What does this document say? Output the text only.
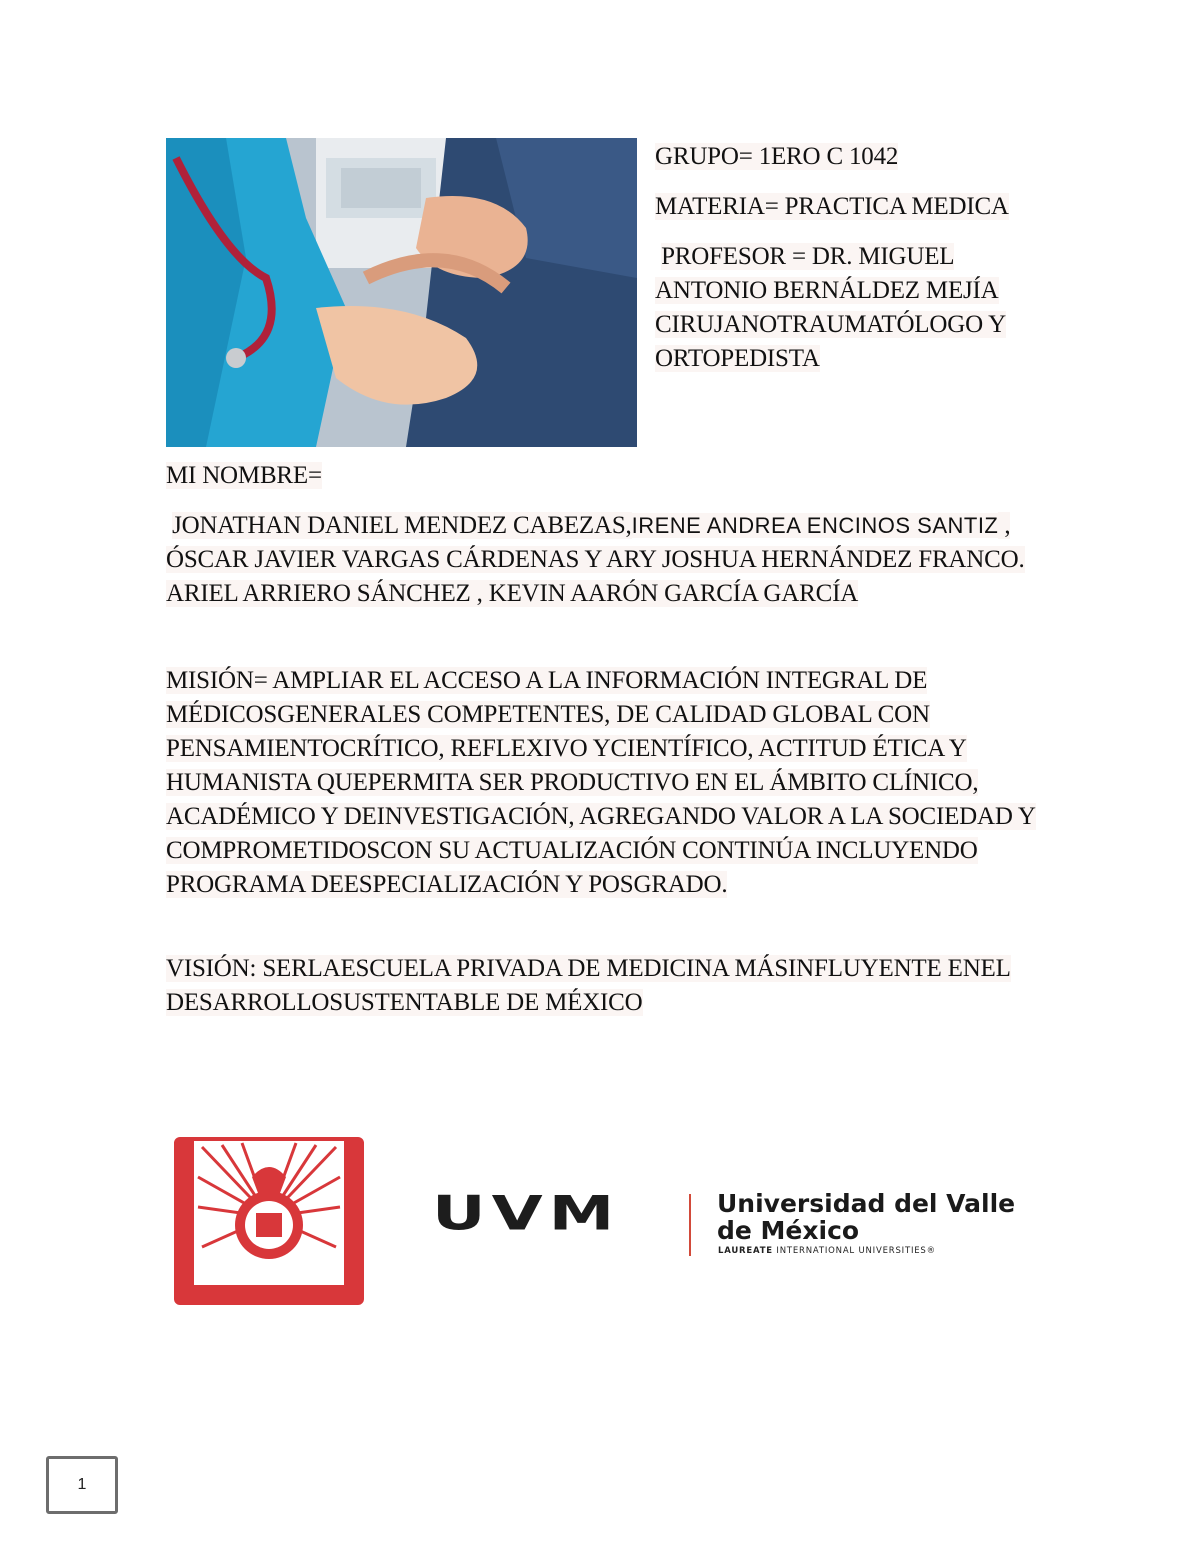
GRUPO= 1ERO C 1042

MATERIA= PRACTICA MEDICA

PROFESOR = DR. MIGUEL ANTONIO BERNÁLDEZ MEJÍA CIRUJANOTRAUMATÓLOGO Y ORTOPEDISTA

MI NOMBRE=
JONATHAN DANIEL MENDEZ CABEZAS,IRENE ANDREA ENCINOS SANTIZ , ÓSCAR JAVIER VARGAS CÁRDENAS Y ARY JOSHUA HERNÁNDEZ FRANCO. ARIEL ARRIERO SÁNCHEZ , KEVIN AARÓN GARCÍA GARCÍA
MISIÓN= AMPLIAR EL ACCESO A LA INFORMACIÓN INTEGRAL DE MÉDICOSGENERALES COMPETENTES, DE CALIDAD GLOBAL CON PENSAMIENTOCRÍTICO, REFLEXIVO YCIENTÍFICO, ACTITUD ÉTICA Y HUMANISTA QUEPERMITA SER PRODUCTIVO EN EL ÁMBITO CLÍNICO, ACADÉMICO Y DEINVESTIGACIÓN, AGREGANDO VALOR A LA SOCIEDAD Y COMPROMETIDOSCON SU ACTUALIZACIÓN CONTINÚA INCLUYENDO PROGRAMA DEESPECIALIZACIÓN Y POSGRADO.
VISIÓN: SERLAESCUELA PRIVADA DE MEDICINA MÁSINFLUYENTE ENEL DESARROLLOSUSTENTABLE DE MÉXICO
UVM	Universidad del Valle de México
LAUREATE INTERNATIONAL UNIVERSITIES®
1
